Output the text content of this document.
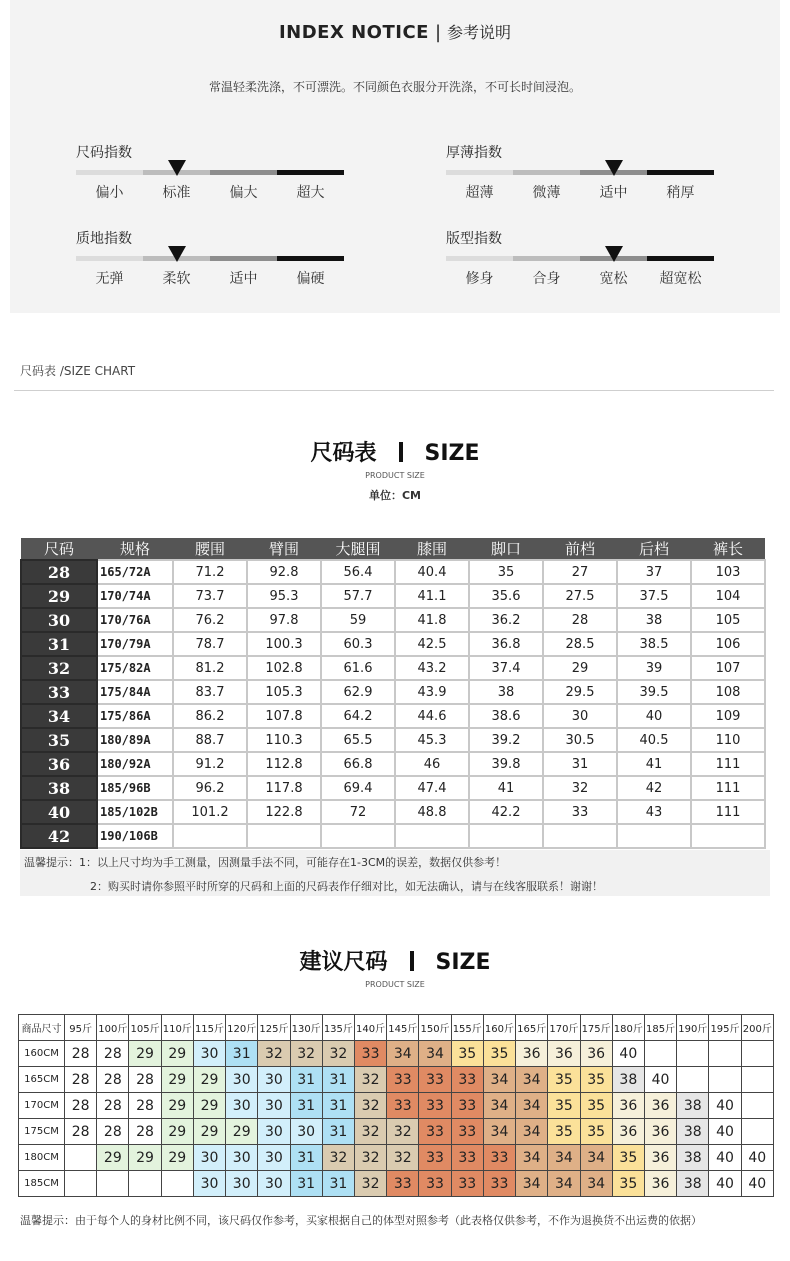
INDEX NOTICE | 参考说明
常温轻柔洗涤，不可漂洗。不同颜色衣服分开洗涤，不可长时间浸泡。
尺码指数
偏小	标准	偏大	超大
厚薄指数
超薄	微薄	适中	稍厚
质地指数
无弹	柔软	适中	偏硬
版型指数
修身	合身	宽松	超宽松
尺码表 /SIZE CHART
尺码表 SIZE
PRODUCT SIZE
单位：CM
尺码	规格	腰围	臂围	大腿围	膝围	脚口	前档	后档	裤长
28	165/72A	71.2	92.8	56.4	40.4	35	27	37	103
29	170/74A	73.7	95.3	57.7	41.1	35.6	27.5	37.5	104
30	170/76A	76.2	97.8	59	41.8	36.2	28	38	105
31	170/79A	78.7	100.3	60.3	42.5	36.8	28.5	38.5	106
32	175/82A	81.2	102.8	61.6	43.2	37.4	29	39	107
33	175/84A	83.7	105.3	62.9	43.9	38	29.5	39.5	108
34	175/86A	86.2	107.8	64.2	44.6	38.6	30	40	109
35	180/89A	88.7	110.3	65.5	45.3	39.2	30.5	40.5	110
36	180/92A	91.2	112.8	66.8	46	39.8	31	41	111
38	185/96B	96.2	117.8	69.4	47.4	41	32	42	111
40	185/102B	101.2	122.8	72	48.8	42.2	33	43	111
42	190/106B								
温馨提示：1：以上尺寸均为手工测量，因测量手法不同，可能存在1-3CM的误差，数据仅供参考！
2：购买时请你参照平时所穿的尺码和上面的尺码表作仔细对比，如无法确认，请与在线客服联系！谢谢！
建议尺码 SIZE
PRODUCT SIZE
商品尺寸	95斤	100斤	105斤	110斤	115斤	120斤	125斤	130斤	135斤	140斤	145斤	150斤	155斤	160斤	165斤	170斤	175斤	180斤	185斤	190斤	195斤	200斤
160CM	28	28	29	29	30	31	32	32	32	33	34	34	35	35	36	36	36	40				
165CM	28	28	28	29	29	30	30	31	31	32	33	33	33	34	34	35	35	38	40			
170CM	28	28	28	29	29	30	30	31	31	32	33	33	33	34	34	35	35	36	36	38	40	
175CM	28	28	28	29	29	29	30	30	31	32	32	33	33	34	34	35	35	36	36	38	40	
180CM		29	29	29	30	30	30	31	32	32	32	33	33	33	34	34	34	35	36	38	40	40
185CM					30	30	30	31	31	32	33	33	33	33	34	34	34	35	36	38	40	40
温馨提示：由于每个人的身材比例不同，该尺码仅作参考，买家根据自己的体型对照参考（此表格仅供参考，不作为退换货不出运费的依据）
